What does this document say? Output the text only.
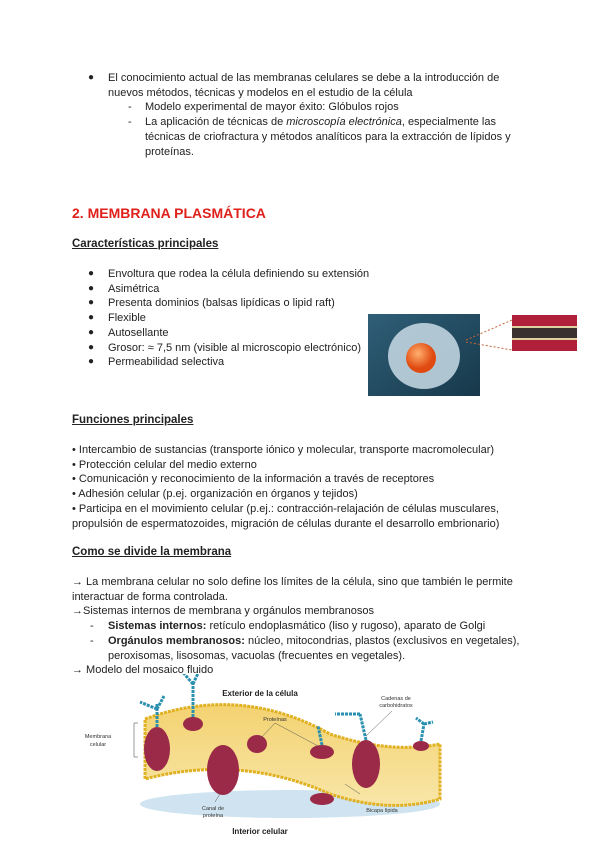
● El conocimiento actual de las membranas celulares se debe a la introducción de
nuevos métodos, técnicas y modelos en el estudio de la célula
- Modelo experimental de mayor éxito: Glóbulos rojos
- La aplicación de técnicas de microscopía electrónica, especialmente las
técnicas de criofractura y métodos analíticos para la extracción de lípidos y
proteínas.
2. MEMBRANA PLASMÁTICA
Características principales
● Envoltura que rodea la célula definiendo su extensión
● Asimétrica
● Presenta dominios (balsas lipídicas o lipid raft)
● Flexible
● Autosellante
● Grosor: ≈ 7,5 nm (visible al microscopio electrónico)
● Permeabilidad selectiva
Funciones principales
• Intercambio de sustancias (transporte iónico y molecular, transporte macromolecular)
• Protección celular del medio externo
• Comunicación y reconocimiento de la información a través de receptores
• Adhesión celular (p.ej. organización en órganos y tejidos)
• Participa en el movimiento celular (p.ej.: contracción-relajación de células musculares,
propulsión de espermatozoides, migración de células durante el desarrollo embrionario)
Como se divide la membrana
→ La membrana celular no solo define los límites de la célula, sino que también le permite
interactuar de forma controlada.
→Sistemas internos de membrana y orgánulos membranosos
- Sistemas internos: retículo endoplasmático (liso y rugoso), aparato de Golgi
- Orgánulos membranosos: núcleo, mitocondrias, plastos (exclusivos en vegetales),
peroxisomas, lisosomas, vacuolas (frecuentes en vegetales).
→ Modelo del mosaico fluido
Exterior de la célula
Interior celular
Membrana
celular
Proteínas
Cadenas de
carbohidratos
Canal de
proteína
Bicapa lípida
